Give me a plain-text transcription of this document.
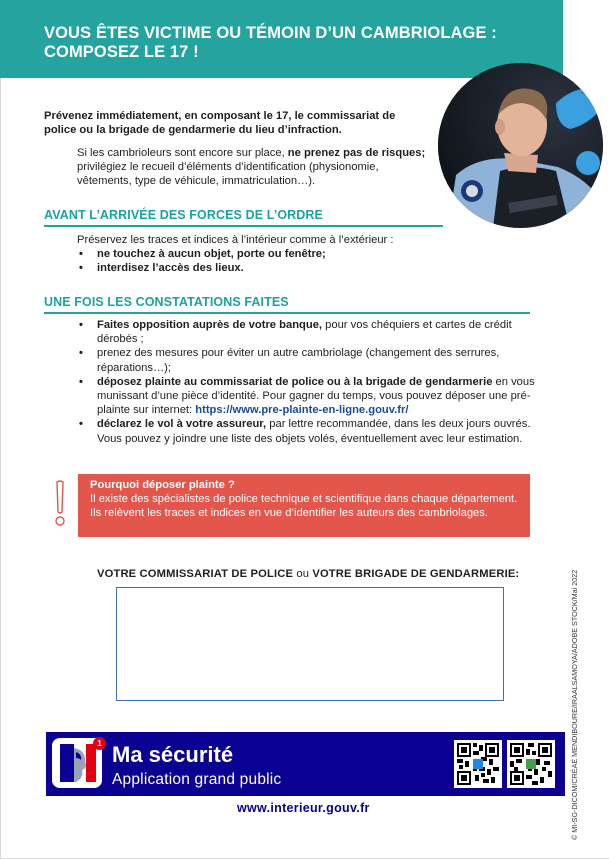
VOUS ÊTES VICTIME OU TÉMOIN D’UN CAMBRIOLAGE :
COMPOSEZ LE 17 !

Prévenez immédiatement, en composant le 17, le commissariat de police ou la brigade de gendarmerie du lieu d’infraction.

Si les cambrioleurs sont encore sur place, ne prenez pas de risques; privilégiez le recueil d’éléments d’identification (physionomie, vêtements, type de véhicule, immatriculation…).

AVANT L’ARRIVÉE DES FORCES DE L’ORDRE

Préservez les traces et indices à l’intérieur comme à l’extérieur :

• ne touchez à aucun objet, porte ou fenêtre;
• interdisez l’accès des lieux.
UNE FOIS LES CONSTATATIONS FAITES
• Faites opposition auprès de votre banque, pour vos chéquiers et cartes de crédit dérobés ;
• prenez des mesures pour éviter un autre cambriolage (changement des serrures, réparations…);
• déposez plainte au commissariat de police ou à la brigade de gendarmerie en vous munissant d’une pièce d’identité. Pour gagner du temps, vous pouvez déposer une pré-plainte sur internet: https://www.pre-plainte-en-ligne.gouv.fr/
• déclarez le vol à votre assureur, par lettre recommandée, dans les deux jours ouvrés. Vous pouvez y joindre une liste des objets volés, éventuellement avec leur estimation.
Pourquoi déposer plainte ?
Il existe des spécialistes de police technique et scientifique dans chaque département. Ils relèvent les traces et indices en vue d’identifier les auteurs des cambriolages.
VOTRE COMMISSARIAT DE POLICE ou VOTRE BRIGADE DE GENDARMERIE:
1 Ma sécurité
Application grand public
www.interieur.gouv.fr	© MI-SG-DICOM/CRÉAÉ MENDIBOURE/IRAALSAMOYA/ADOBE STOCK/Mai 2022
